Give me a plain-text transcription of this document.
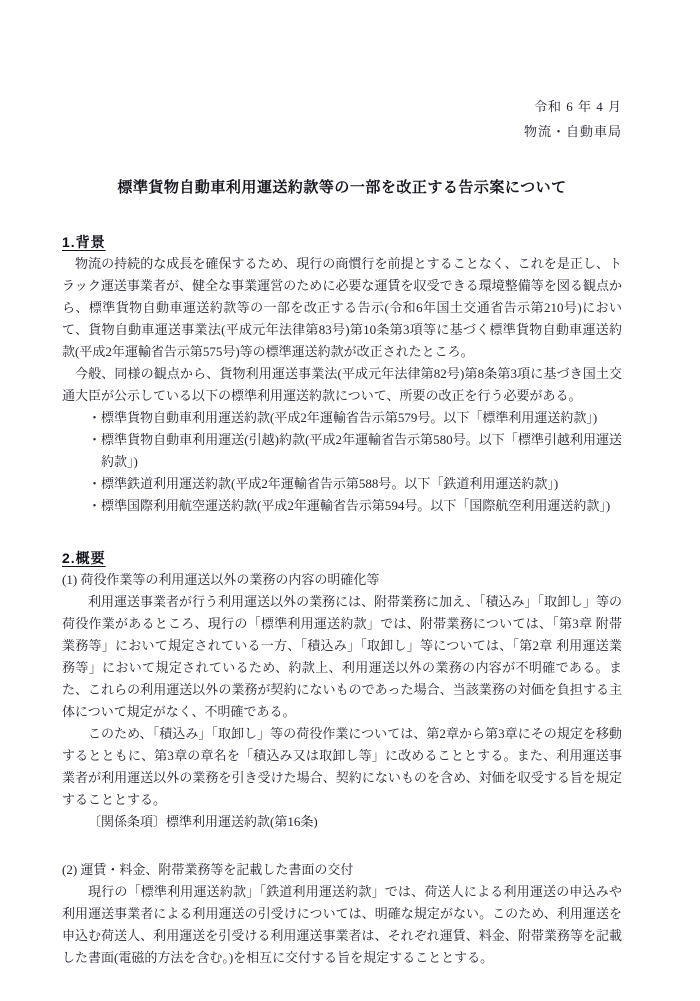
令和 6 年 4 月
物流・自動車局
標準貨物自動車利用運送約款等の一部を改正する告示案について
1.背景

物流の持続的な成長を確保するため、現行の商慣行を前提とすることなく、これを是正し、トラック運送事業者が、健全な事業運営のために必要な運賃を収受できる環境整備等を図る観点から、標準貨物自動車運送約款等の一部を改正する告示(令和6年国土交通省告示第210号)において、貨物自動車運送事業法(平成元年法律第83号)第10条第3項等に基づく標準貨物自動車運送約款(平成2年運輸省告示第575号)等の標準運送約款が改正されたところ。

今般、同様の観点から、貨物利用運送事業法(平成元年法律第82号)第8条第3項に基づき国土交通大臣が公示している以下の標準利用運送約款について、所要の改正を行う必要がある。

・標準貨物自動車利用運送約款(平成2年運輸省告示第579号。以下「標準利用運送約款」)
・標準貨物自動車利用運送(引越)約款(平成2年運輸省告示第580号。以下「標準引越利用運送約款」)
・標準鉄道利用運送約款(平成2年運輸省告示第588号。以下「鉄道利用運送約款」)
・標準国際利用航空運送約款(平成2年運輸省告示第594号。以下「国際航空利用運送約款」)
2.概要

(1) 荷役作業等の利用運送以外の業務の内容の明確化等

利用運送事業者が行う利用運送以外の業務には、附帯業務に加え、「積込み」「取卸し」等の荷役作業があるところ、現行の「標準利用運送約款」では、附帯業務については、「第3章 附帯業務等」において規定されている一方、「積込み」「取卸し」等については、「第2章 利用運送業務等」において規定されているため、約款上、利用運送以外の業務の内容が不明確である。また、これらの利用運送以外の業務が契約にないものであった場合、当該業務の対価を負担する主体について規定がなく、不明確である。

このため、「積込み」「取卸し」等の荷役作業については、第2章から第3章にその規定を移動するとともに、第3章の章名を「積込み又は取卸し等」に改めることとする。また、利用運送事業者が利用運送以外の業務を引き受けた場合、契約にないものを含め、対価を収受する旨を規定することとする。

〔関係条項〕標準利用運送約款(第16条)

(2) 運賃・料金、附帯業務等を記載した書面の交付

現行の「標準利用運送約款」「鉄道利用運送約款」では、荷送人による利用運送の申込みや利用運送事業者による利用運送の引受けについては、明確な規定がない。このため、利用運送を申込む荷送人、利用運送を引受ける利用運送事業者は、それぞれ運賃、料金、附帯業務等を記載した書面(電磁的方法を含む。)を相互に交付する旨を規定することとする。
